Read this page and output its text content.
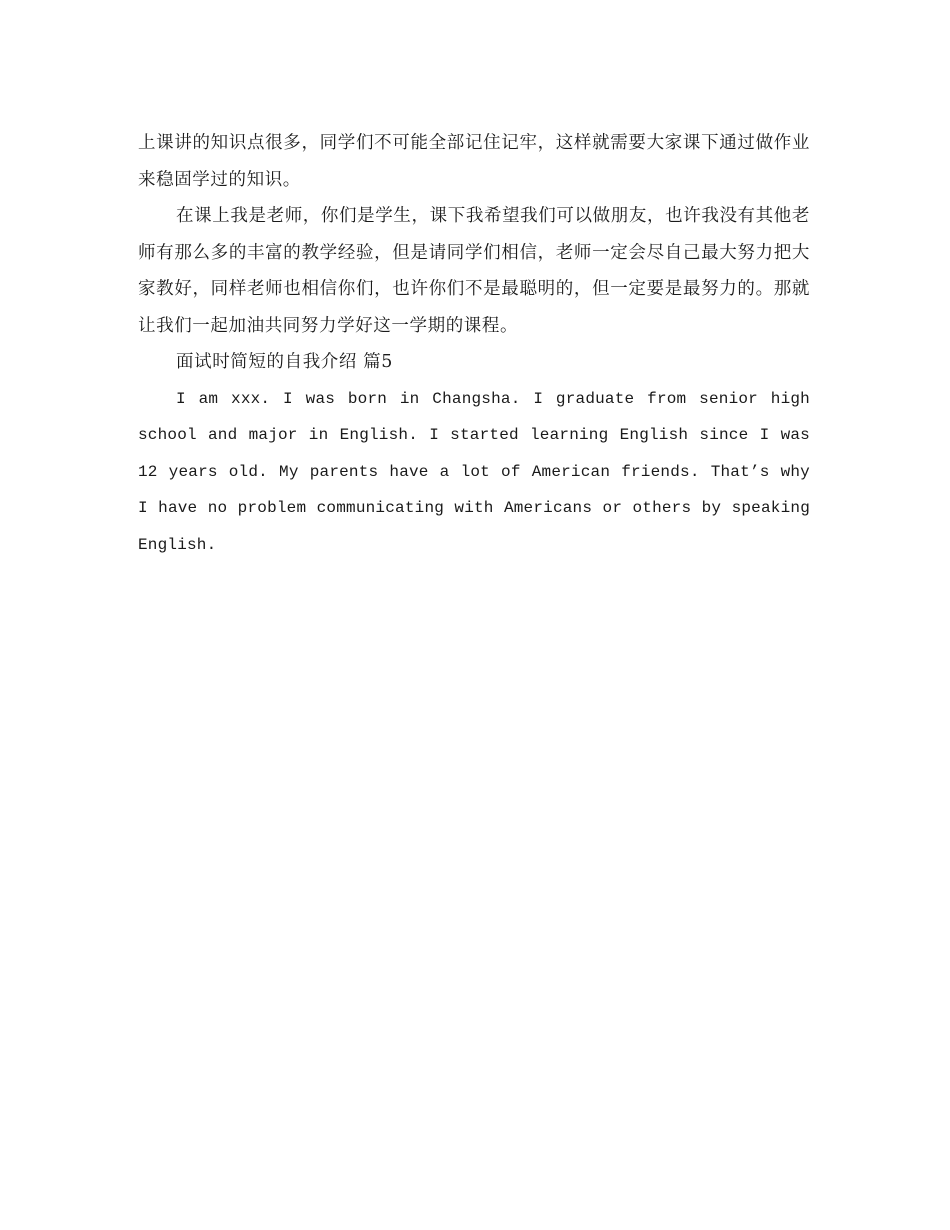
上课讲的知识点很多，同学们不可能全部记住记牢，这样就需要大家课下通过做作业来稳固学过的知识。

在课上我是老师，你们是学生，课下我希望我们可以做朋友，也许我没有其他老师有那么多的丰富的教学经验，但是请同学们相信，老师一定会尽自己最大努力把大家教好，同样老师也相信你们，也许你们不是最聪明的，但一定要是最努力的。那就让我们一起加油共同努力学好这一学期的课程。

面试时简短的自我介绍 篇5

I am xxx. I was born in Changsha. I graduate from senior high school and major in English. I started learning English since I was 12 years old. My parents have a lot of American friends. That’s why I have no problem communicating with Americans or others by speaking English.
